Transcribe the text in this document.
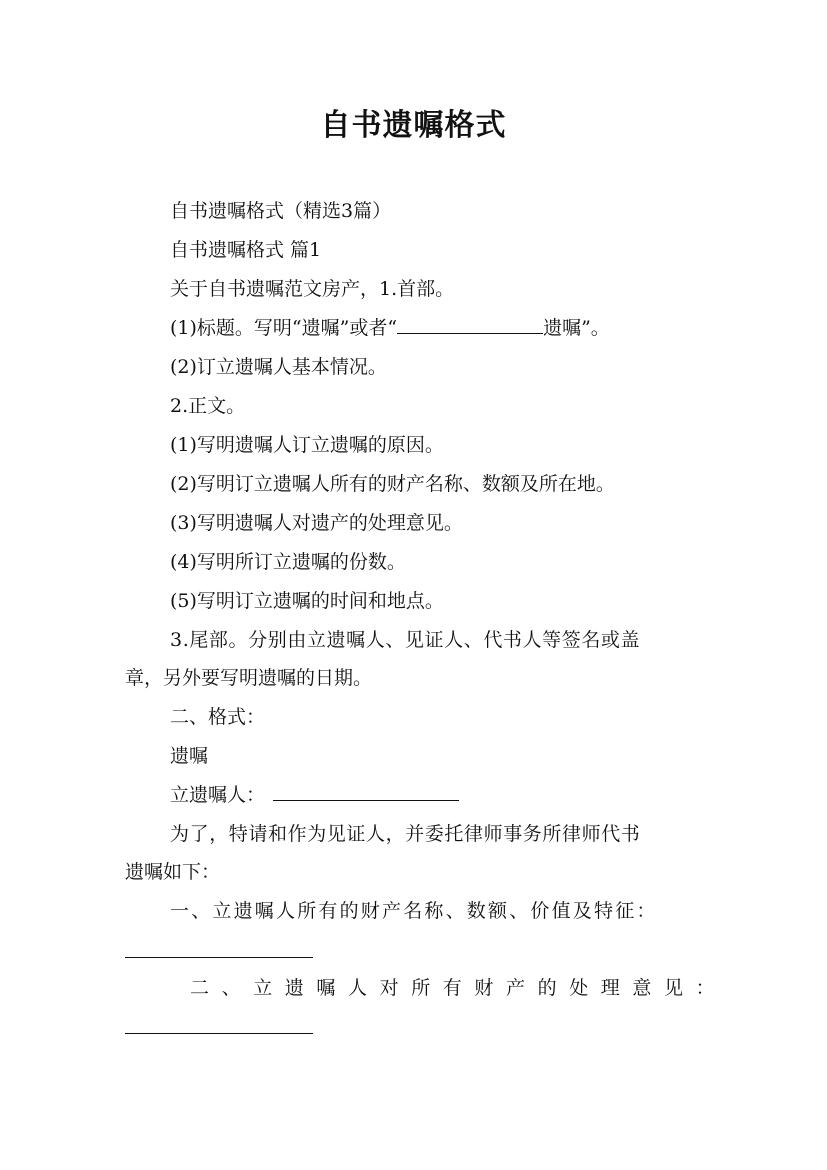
自书遗嘱格式
自书遗嘱格式（精选3篇）
自书遗嘱格式 篇1
关于自书遗嘱范文房产，1.首部。
(1)标题。写明“遗嘱”或者“	遗嘱”。
(2)订立遗嘱人基本情况。
2.正文。
(1)写明遗嘱人订立遗嘱的原因。
(2)写明订立遗嘱人所有的财产名称、数额及所在地。
(3)写明遗嘱人对遗产的处理意见。
(4)写明所订立遗嘱的份数。
(5)写明订立遗嘱的时间和地点。
3.尾部。分别由立遗嘱人、见证人、代书人等签名或盖
章，另外要写明遗嘱的日期。
二、格式：
遗嘱
立遗嘱人：
为了，特请和作为见证人，并委托律师事务所律师代书
遗嘱如下：
一、立遗嘱人所有的财产名称、数额、价值及特征：
二、立遗嘱人对所有财产的处理意见：
